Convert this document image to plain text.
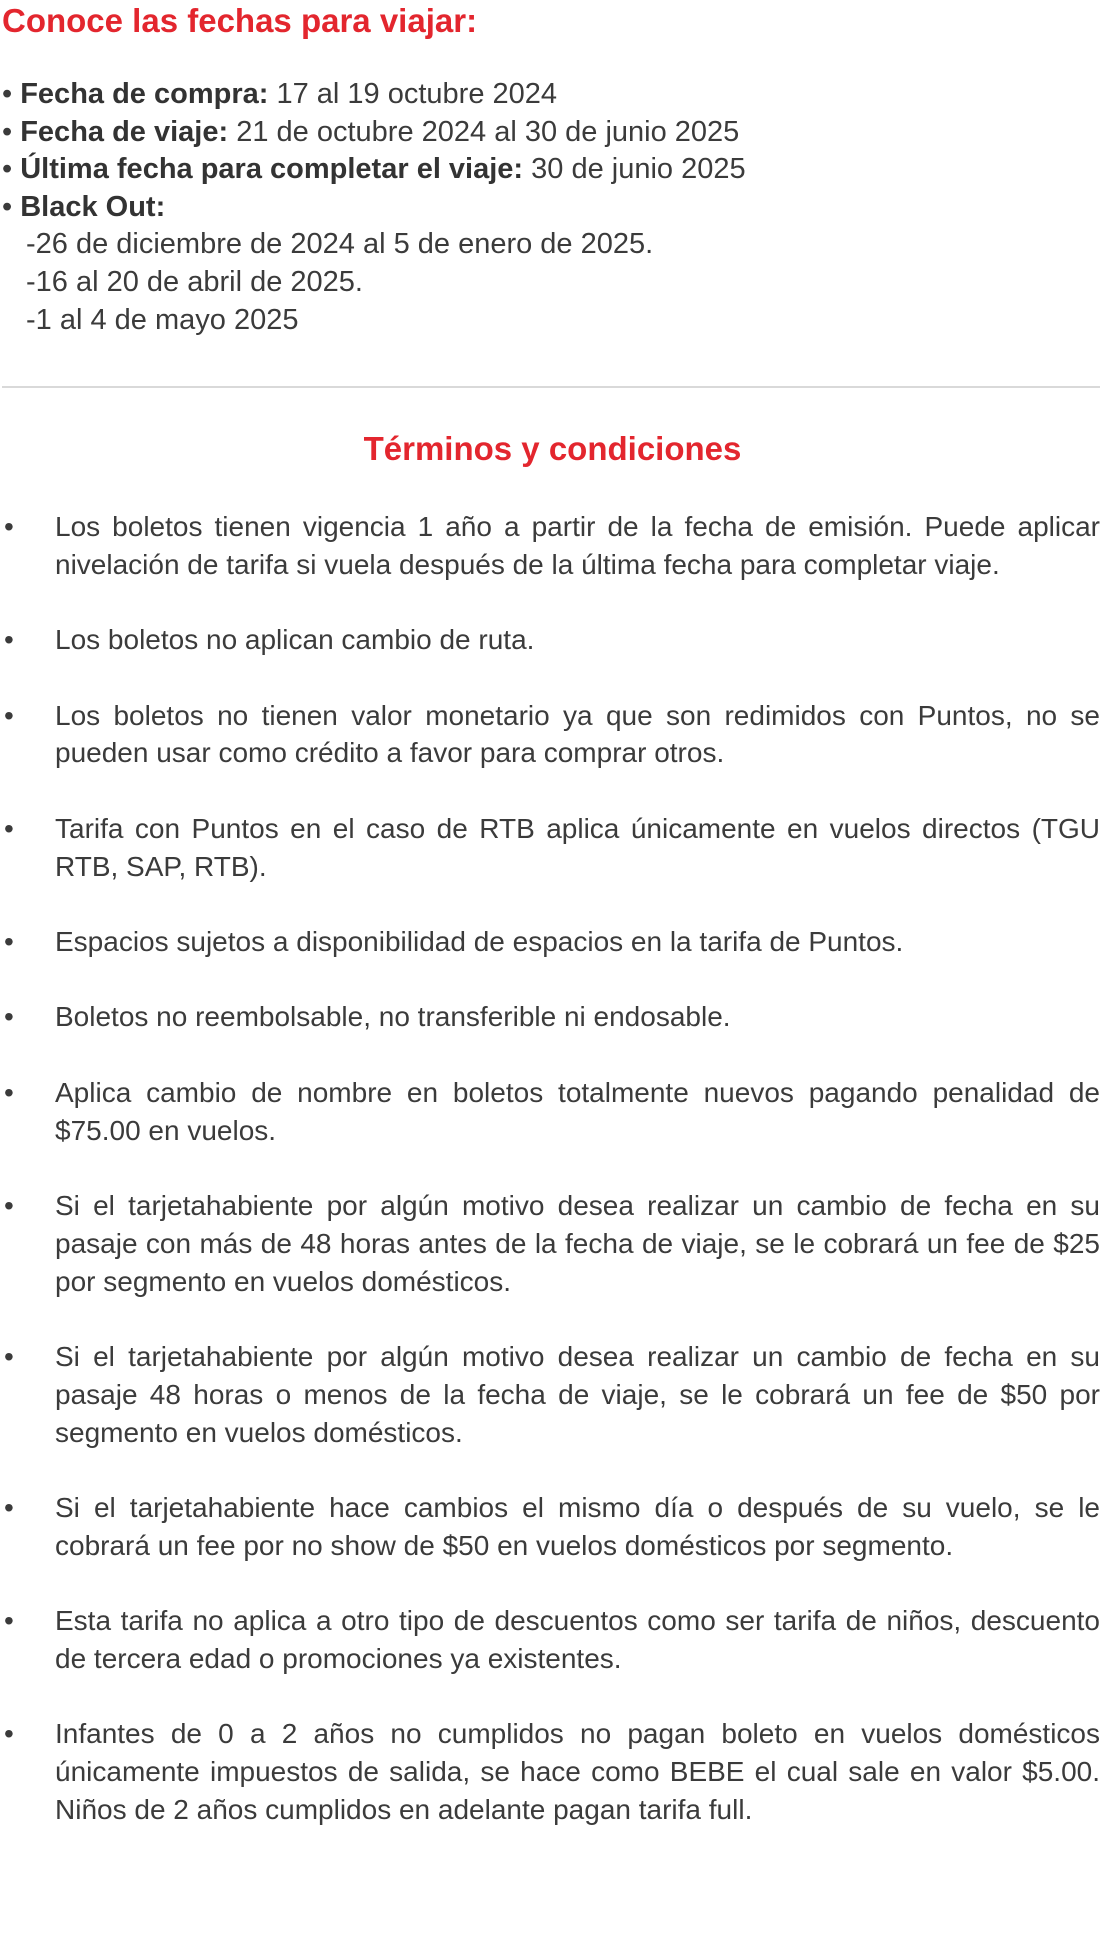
Conoce las fechas para viajar:
• Fecha de compra: 17 al 19 octubre 2024
• Fecha de viaje: 21 de octubre 2024 al 30 de junio 2025
• Última fecha para completar el viaje: 30 de junio 2025
• Black Out:
-26 de diciembre de 2024 al 5 de enero de 2025.
-16 al 20 de abril de 2025.
-1 al 4 de mayo 2025
Términos y condiciones
• Los boletos tienen vigencia 1 año a partir de la fecha de emisión. Puede aplicar nivelación de tarifa si vuela después de la última fecha para completar viaje.
• Los boletos no aplican cambio de ruta.
• Los boletos no tienen valor monetario ya que son redimidos con Puntos, no se pueden usar como crédito a favor para comprar otros.
• Tarifa con Puntos en el caso de RTB aplica únicamente en vuelos directos (TGU RTB, SAP, RTB).
• Espacios sujetos a disponibilidad de espacios en la tarifa de Puntos.
• Boletos no reembolsable, no transferible ni endosable.
• Aplica cambio de nombre en boletos totalmente nuevos pagando penalidad de $75.00 en vuelos.
• Si el tarjetahabiente por algún motivo desea realizar un cambio de fecha en su pasaje con más de 48 horas antes de la fecha de viaje, se le cobrará un fee de $25 por segmento en vuelos domésticos.
• Si el tarjetahabiente por algún motivo desea realizar un cambio de fecha en su pasaje 48 horas o menos de la fecha de viaje, se le cobrará un fee de $50 por segmento en vuelos domésticos.
• Si el tarjetahabiente hace cambios el mismo día o después de su vuelo, se le cobrará un fee por no show de $50 en vuelos domésticos por segmento.
• Esta tarifa no aplica a otro tipo de descuentos como ser tarifa de niños, descuento de tercera edad o promociones ya existentes.
• Infantes de 0 a 2 años no cumplidos no pagan boleto en vuelos domésticos únicamente impuestos de salida, se hace como BEBE el cual sale en valor $5.00. Niños de 2 años cumplidos en adelante pagan tarifa full.
